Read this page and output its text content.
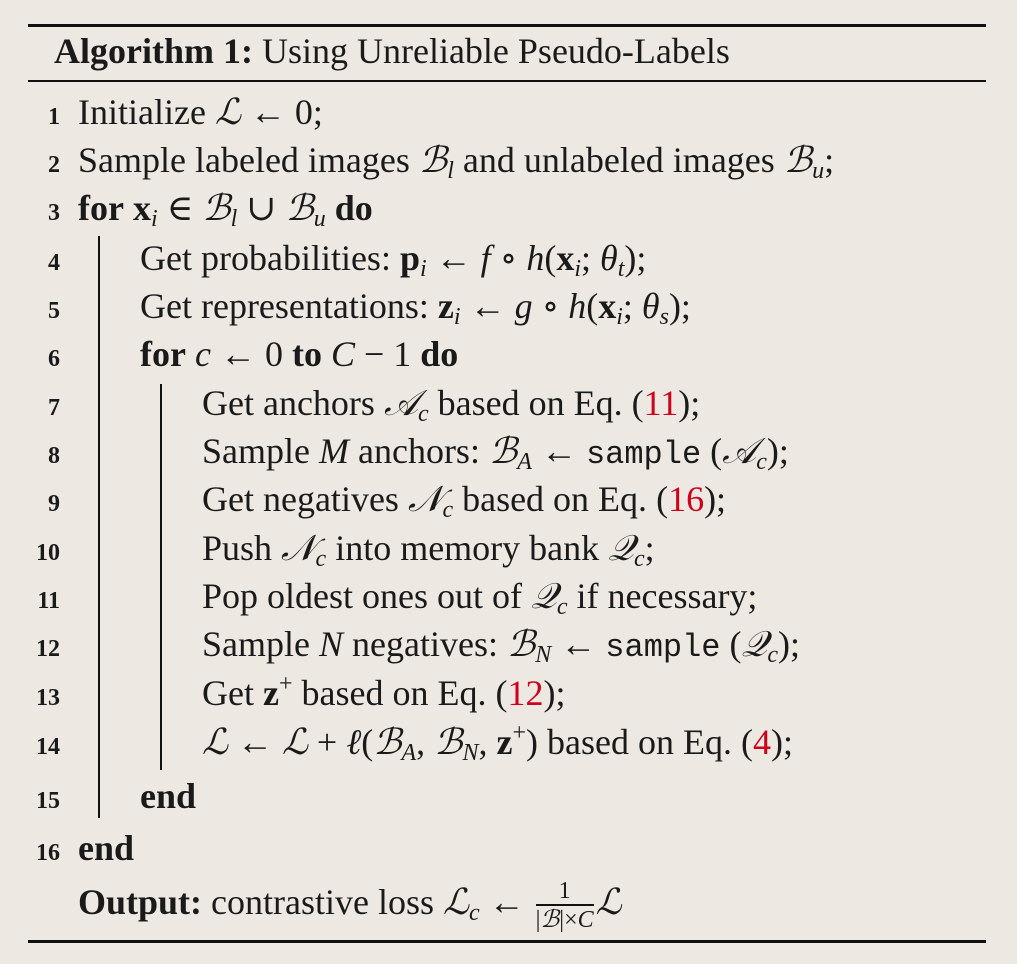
Algorithm 1: Using Unreliable Pseudo-Labels
1 Initialize ℒ ← 0;
2 Sample labeled images ℬ$_l$ and unlabeled images ℬ$_u$;
3 for $x_i$ ∈ ℬ$_l$ ∪ ℬ$_u$ do
4 Get probabilities: $p_i$ ← f ∘ $h(x_i$; $\theta_t$);
5 Get representations: $z_i$ ← g ∘ $h(x_i$; $\theta_s$);
6 for c ← 0 to C − 1 do
7	Get anchors 𝒜$_c$ based on Eq. (11);
8	Sample M anchors: ℬ$_A$ ← sample (𝒜$_c$);
9	Get negatives 𝒩$_c$ based on Eq. (16);
10	Push 𝒩$_c$ into memory bank 𝒬$_c$;
11	Pop oldest ones out of 𝒬$_c$ if necessary;
12	Sample N negatives: ℬ$_N$ ← sample (𝒬$_c$);
13	Get z+ based on Eq. (12);
14	ℒ ← ℒ + ℓ(ℬ$_A$, ℬ$_N$, z+) based on Eq. (4);
15 end
16 end
Output: contrastive loss ℒ$_c$ ← $\frac{1}{\text{|ℬ|×C}}$ ℒ
